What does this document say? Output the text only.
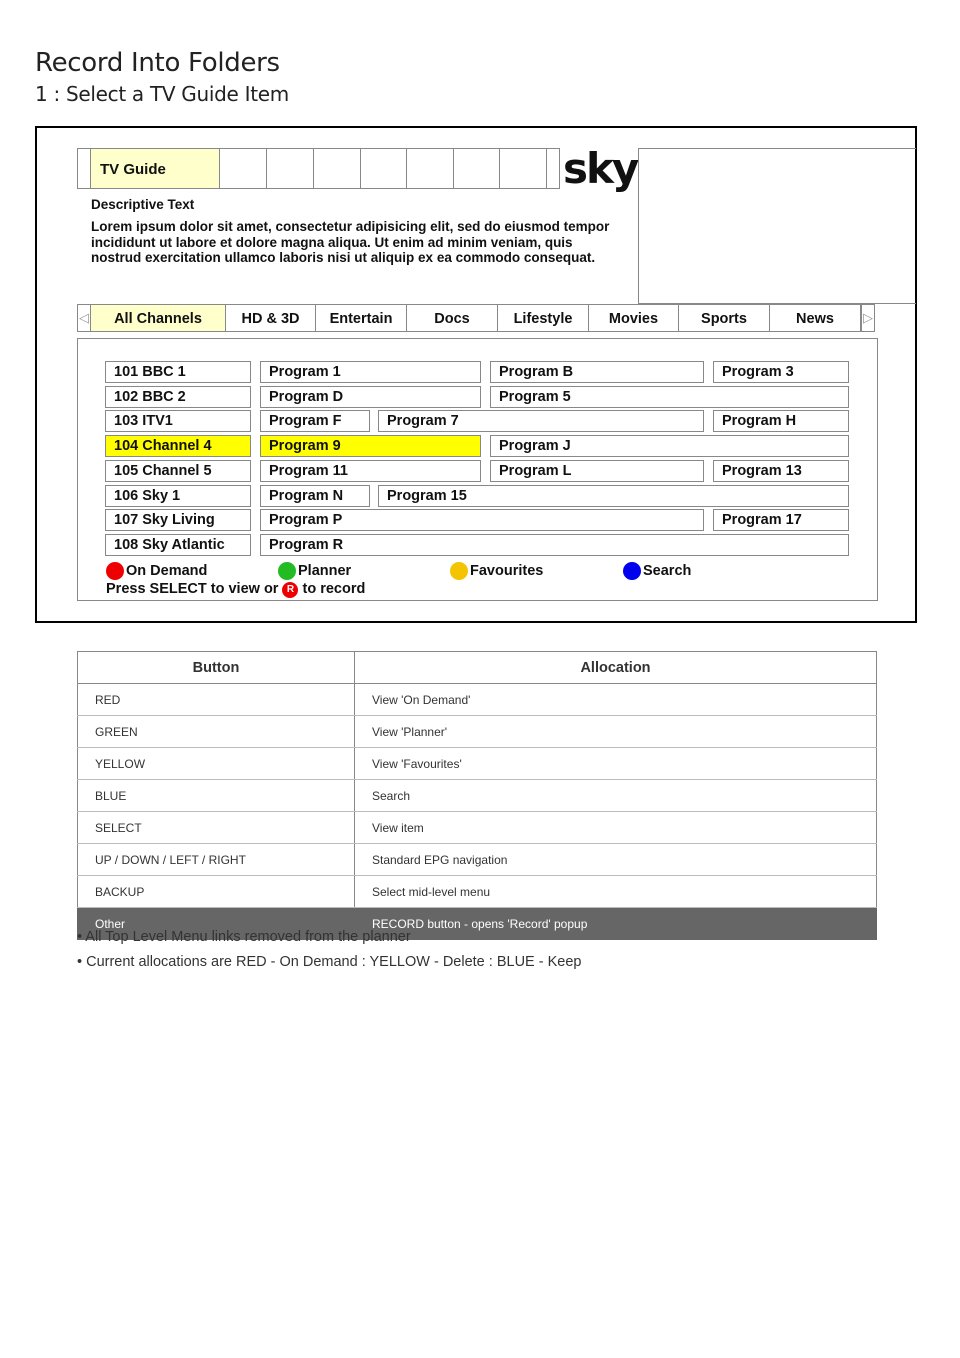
Record Into Folders
1 : Select a TV Guide Item
TV Guide	sky
Descriptive Text
Lorem ipsum dolor sit amet, consectetur adipisicing elit, sed do eiusmod tempor incididunt ut labore et dolore magna aliqua. Ut enim ad minim veniam, quis nostrud exercitation ullamco laboris nisi ut aliquip ex ea commodo consequat.
◁	All Channels	HD & 3D	Entertain	Docs	Lifestyle	Movies	Sports	News	▷
101 BBC 1	Program 1	Program B	Program 3
102 BBC 2	Program D	Program 5
103 ITV1	Program F	Program 7	Program H
104 Channel 4	Program 9	Program J
105 Channel 5	Program 11	Program L	Program 13
106 Sky 1	Program N	Program 15
107 Sky Living	Program P	Program 17
108 Sky Atlantic	Program R
On Demand	Planner	Favourites	Search
Press SELECT to view or R to record
Button	Allocation
RED	View 'On Demand'
GREEN	View 'Planner'
YELLOW	View 'Favourites'
BLUE	Search
SELECT	View item
UP / DOWN / LEFT / RIGHT	Standard EPG navigation
BACKUP	Select mid-level menu
Other	RECORD button - opens 'Record' popup
• All Top Level Menu links removed from the planner
• Current allocations are RED - On Demand : YELLOW - Delete : BLUE - Keep
